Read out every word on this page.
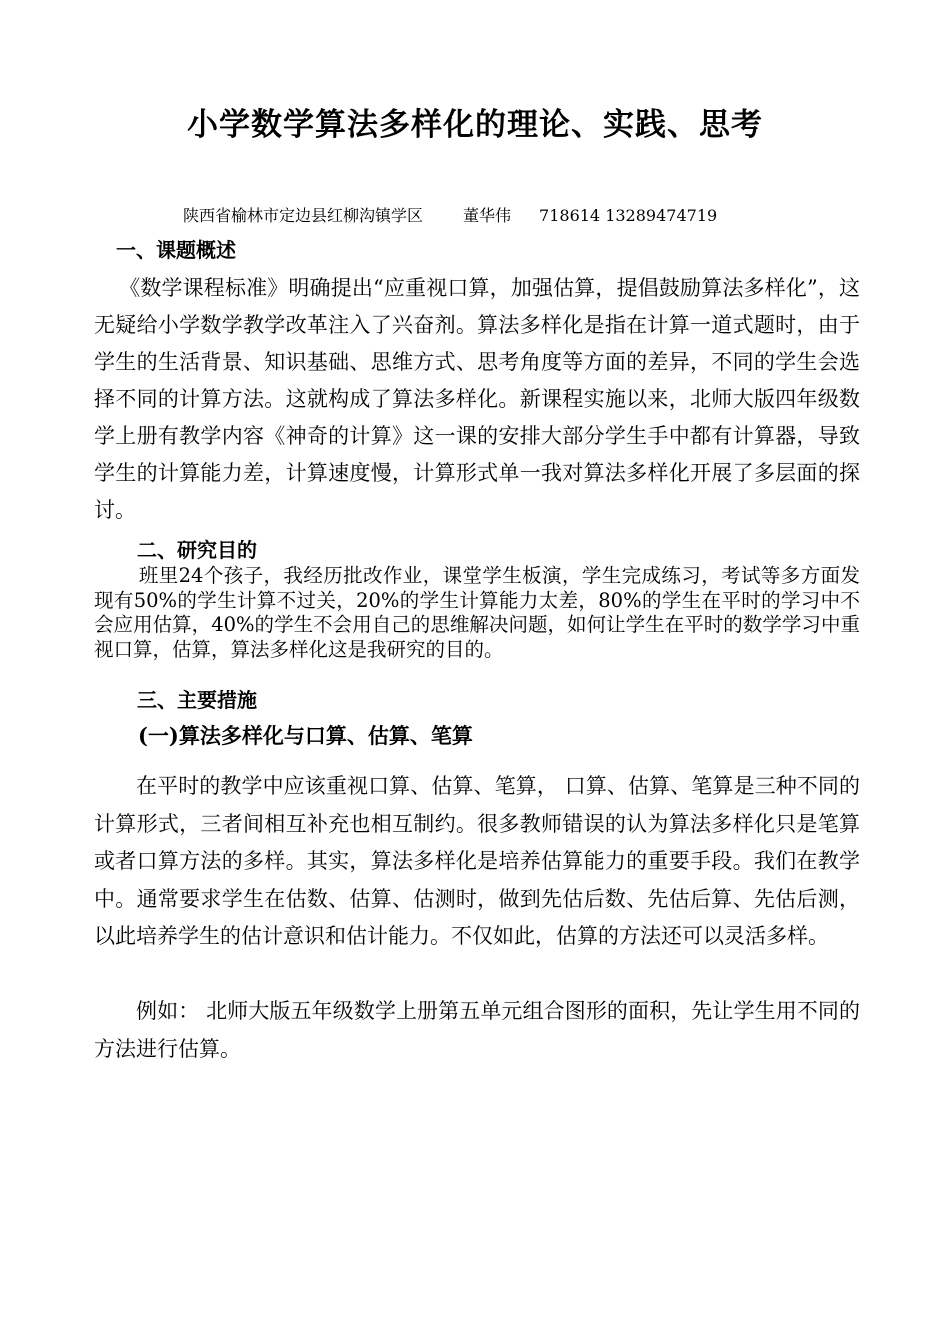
小学数学算法多样化的理论、实践、思考
陕西省榆林市定边县红柳沟镇学区	董华伟 718614 13289474719
一、课题概述

《数学课程标准》明确提出“应重视口算，加强估算，提倡鼓励算法多样化”，这无疑给小学数学教学改革注入了兴奋剂。算法多样化是指在计算一道式题时，由于学生的生活背景、知识基础、思维方式、思考角度等方面的差异，不同的学生会选择不同的计算方法。这就构成了算法多样化。新课程实施以来，北师大版四年级数学上册有教学内容《神奇的计算》这一课的安排大部分学生手中都有计算器，导致学生的计算能力差，计算速度慢，计算形式单一我对算法多样化开展了多层面的探讨。

二、研究目的

班里24个孩子，我经历批改作业，课堂学生板演，学生完成练习，考试等多方面发现有50%的学生计算不过关，20%的学生计算能力太差，80%的学生在平时的学习中不会应用估算，40%的学生不会用自己的思维解决问题，如何让学生在平时的数学学习中重视口算，估算，算法多样化这是我研究的目的。

三、主要措施
(一)算法多样化与口算、估算、笔算

在平时的教学中应该重视口算、估算、笔算， 口算、估算、笔算是三种不同的计算形式，三者间相互补充也相互制约。很多教师错误的认为算法多样化只是笔算或者口算方法的多样。其实，算法多样化是培养估算能力的重要手段。我们在教学中。通常要求学生在估数、估算、估测时，做到先估后数、先估后算、先估后测，以此培养学生的估计意识和估计能力。不仅如此，估算的方法还可以灵活多样。

例如： 北师大版五年级数学上册第五单元组合图形的面积，先让学生用不同的方法进行估算。
